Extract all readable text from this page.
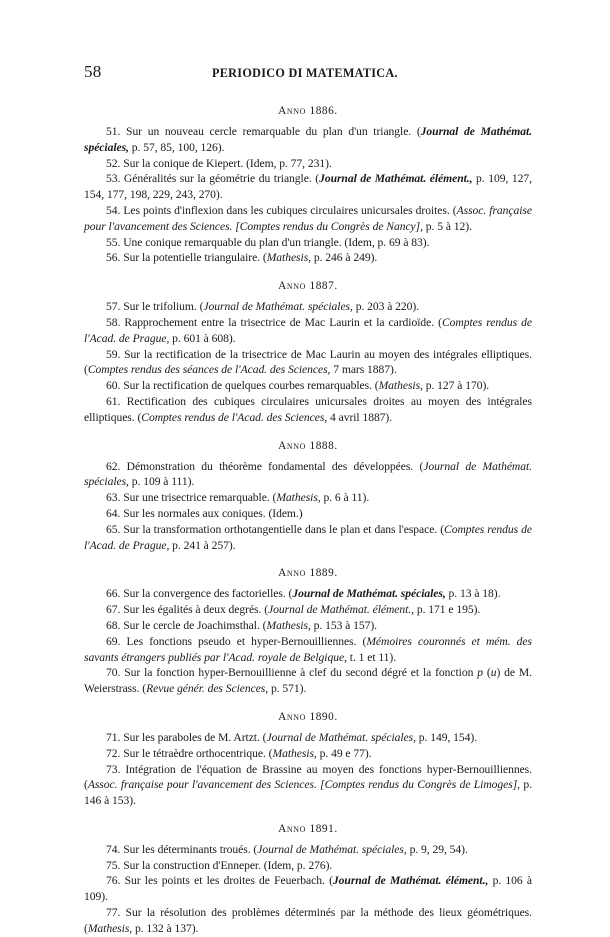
58	PERIODICO DI MATEMATICA.
Anno 1886.

51. Sur un nouveau cercle remarquable du plan d'un triangle. (Journal de Mathémat. spéciales, p. 57, 85, 100, 126).

52. Sur la conique de Kiepert. (Idem, p. 77, 231).

53. Généralités sur la géométrie du triangle. (Journal de Mathémat. élément., p. 109, 127, 154, 177, 198, 229, 243, 270).

54. Les points d'inflexion dans les cubiques circulaires unicursales droites. (Assoc. française pour l'avancement des Sciences. [Comptes rendus du Congrès de Nancy], p. 5 à 12).

55. Une conique remarquable du plan d'un triangle. (Idem, p. 69 à 83).

56. Sur la potentielle triangulaire. (Mathesis, p. 246 à 249).

Anno 1887.

57. Sur le trifolium. (Journal de Mathémat. spéciales, p. 203 à 220).

58. Rapprochement entre la trisectrice de Mac Laurin et la cardioïde. (Comptes rendus de l'Acad. de Prague, p. 601 à 608).

59. Sur la rectification de la trisectrice de Mac Laurin au moyen des intégrales elliptiques. (Comptes rendus des séances de l'Acad. des Sciences, 7 mars 1887).

60. Sur la rectification de quelques courbes remarquables. (Mathesis, p. 127 à 170).

61. Rectification des cubiques circulaires unicursales droites au moyen des intégrales elliptiques. (Comptes rendus de l'Acad. des Sciences, 4 avril 1887).

Anno 1888.

62. Démonstration du théorème fondamental des développées. (Journal de Mathémat. spéciales, p. 109 à 111).

63. Sur une trisectrice remarquable. (Mathesis, p. 6 à 11).

64. Sur les normales aux coniques. (Idem.)

65. Sur la transformation orthotangentielle dans le plan et dans l'espace. (Comptes rendus de l'Acad. de Prague, p. 241 à 257).

Anno 1889.

66. Sur la convergence des factorielles. (Journal de Mathémat. spéciales, p. 13 à 18).

67. Sur les égalités à deux degrés. (Journal de Mathémat. élément., p. 171 e 195).

68. Sur le cercle de Joachimsthal. (Mathesis, p. 153 à 157).

69. Les fonctions pseudo et hyper-Bernouilliennes. (Mémoires couronnés et mém. des savants étrangers publiés par l'Acad. royale de Belgique, t. 1 et 11).

70. Sur la fonction hyper-Bernouillienne à clef du second dégré et la fonction p (u) de M. Weierstrass. (Revue génér. des Sciences, p. 571).

Anno 1890.

71. Sur les paraboles de M. Artzt. (Journal de Mathémat. spéciales, p. 149, 154).

72. Sur le tétraèdre orthocentrique. (Mathesis, p. 49 e 77).

73. Intégration de l'équation de Brassine au moyen des fonctions hyper-Bernouilliennes. (Assoc. française pour l'avancement des Sciences. [Comptes rendus du Congrès de Limoges], p. 146 à 153).

Anno 1891.

74. Sur les déterminants troués. (Journal de Mathémat. spéciales, p. 9, 29, 54).

75. Sur la construction d'Enneper. (Idem, p. 276).

76. Sur les points et les droites de Feuerbach. (Journal de Mathémat. élément., p. 106 à 109).

77. Sur la résolution des problèmes déterminés par la méthode des lieux géométriques. (Mathesis, p. 132 à 137).
